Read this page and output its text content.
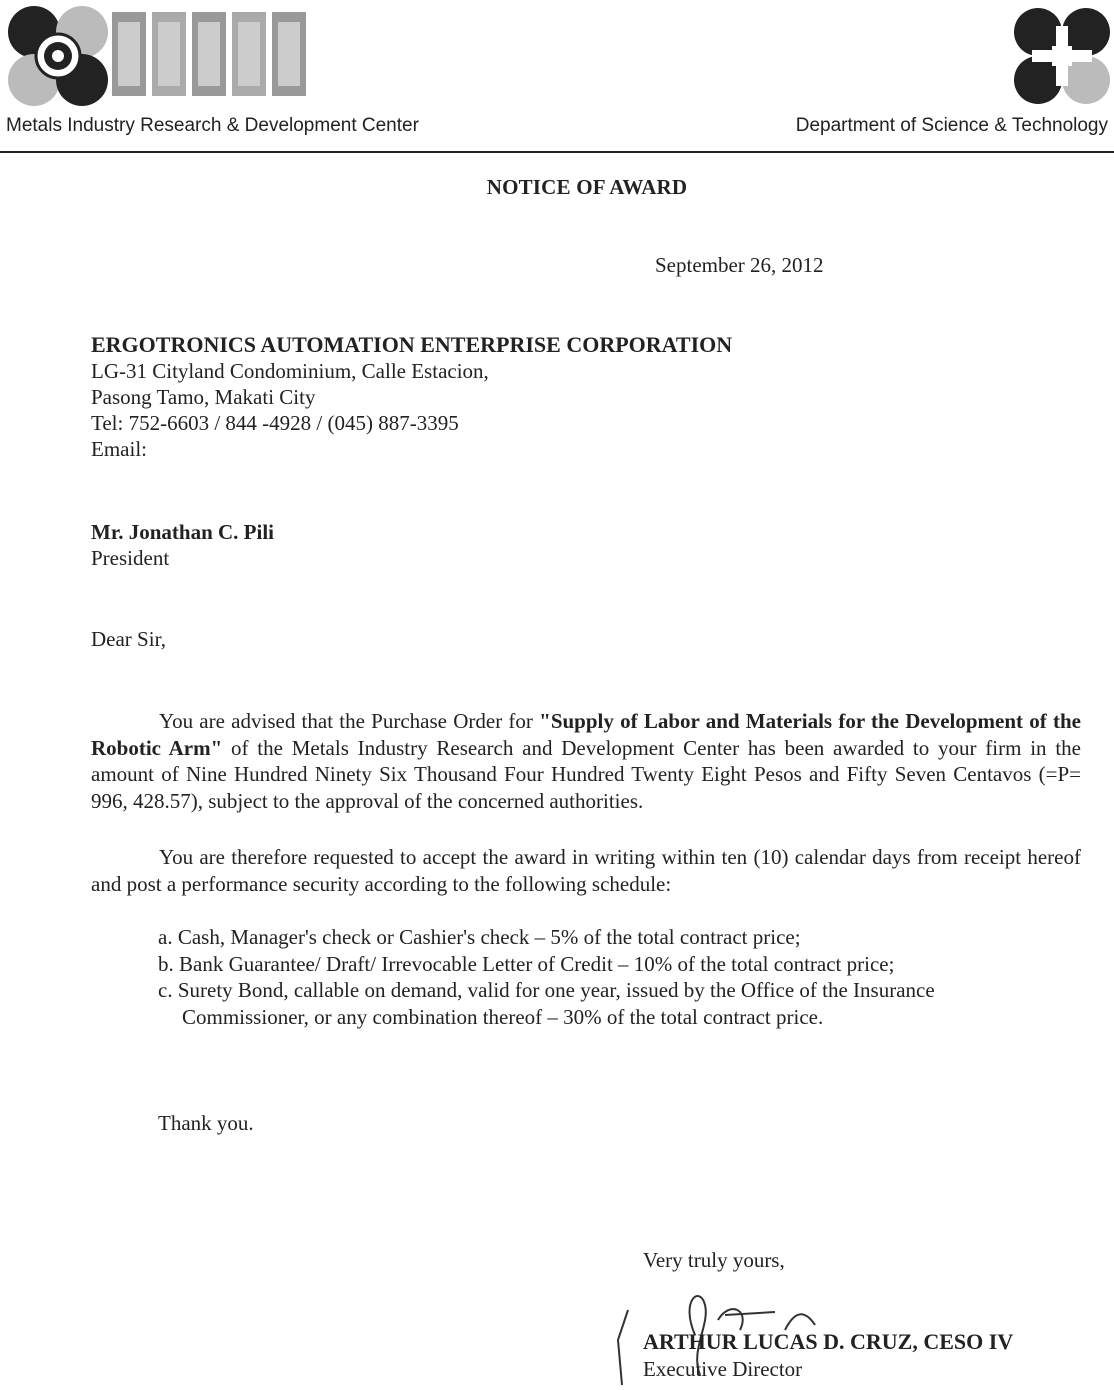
Metals Industry Research & Development Center	Department of Science & Technology
NOTICE OF AWARD
September 26, 2012
ERGOTRONICS AUTOMATION ENTERPRISE CORPORATION
LG-31 Cityland Condominium, Calle Estacion,
Pasong Tamo, Makati City
Tel: 752-6603 / 844 -4928 / (045) 887-3395
Email:
Mr. Jonathan C. Pili
President
Dear Sir,
You are advised that the Purchase Order for "Supply of Labor and Materials for the Development of the Robotic Arm" of the Metals Industry Research and Development Center has been awarded to your firm in the amount of Nine Hundred Ninety Six Thousand Four Hundred Twenty Eight Pesos and Fifty Seven Centavos (=P= 996, 428.57), subject to the approval of the concerned authorities.
You are therefore requested to accept the award in writing within ten (10) calendar days from receipt hereof and post a performance security according to the following schedule:

a. Cash, Manager's check or Cashier's check – 5% of the total contract price;

b. Bank Guarantee/ Draft/ Irrevocable Letter of Credit – 10% of the total contract price;

c. Surety Bond, callable on demand, valid for one year, issued by the Office of the Insurance Commissioner, or any combination thereof – 30% of the total contract price.

Thank you.
Very truly yours,
ARTHUR LUCAS D. CRUZ, CESO IV
Executive Director
